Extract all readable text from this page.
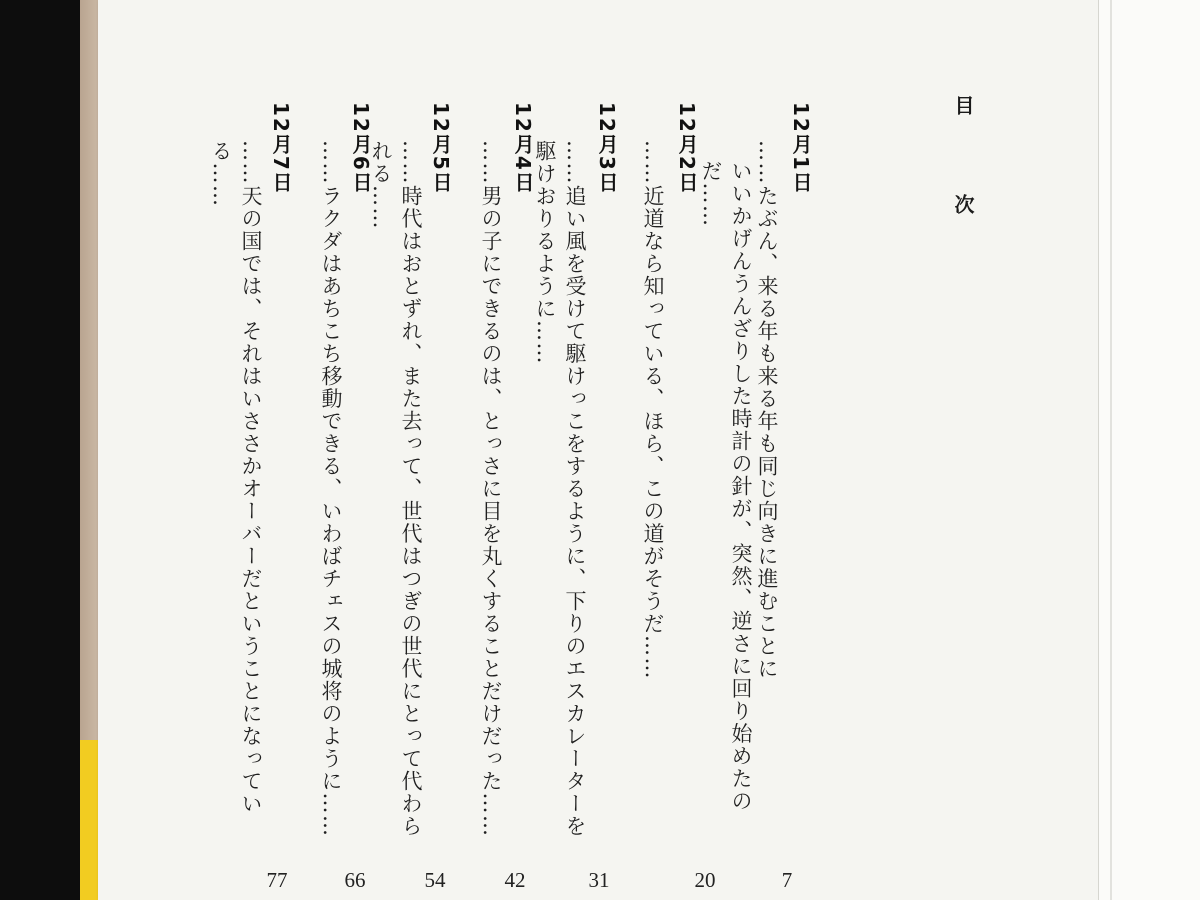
目 次
12月1日
……たぶん、来る年も来る年も同じ向きに進むことに
いいかげんうんざりした時計の針が、突然、逆さに回り始めたのだ……
7
12月2日
……近道なら知っている、ほら、この道がそうだ……
20
12月3日
……追い風を受けて駆けっこをするように、下りのエスカレーターを駆けおりるように……
31
12月4日
……男の子にできるのは、とっさに目を丸くすることだけだった……
42
12月5日
……時代はおとずれ、また去って、世代はつぎの世代にとって代わられる……
54
12月6日
……ラクダはあちこち移動できる、いわばチェスの城将のように……
66
12月7日
……天の国では、それはいささかオーバーだということになっている……
77
